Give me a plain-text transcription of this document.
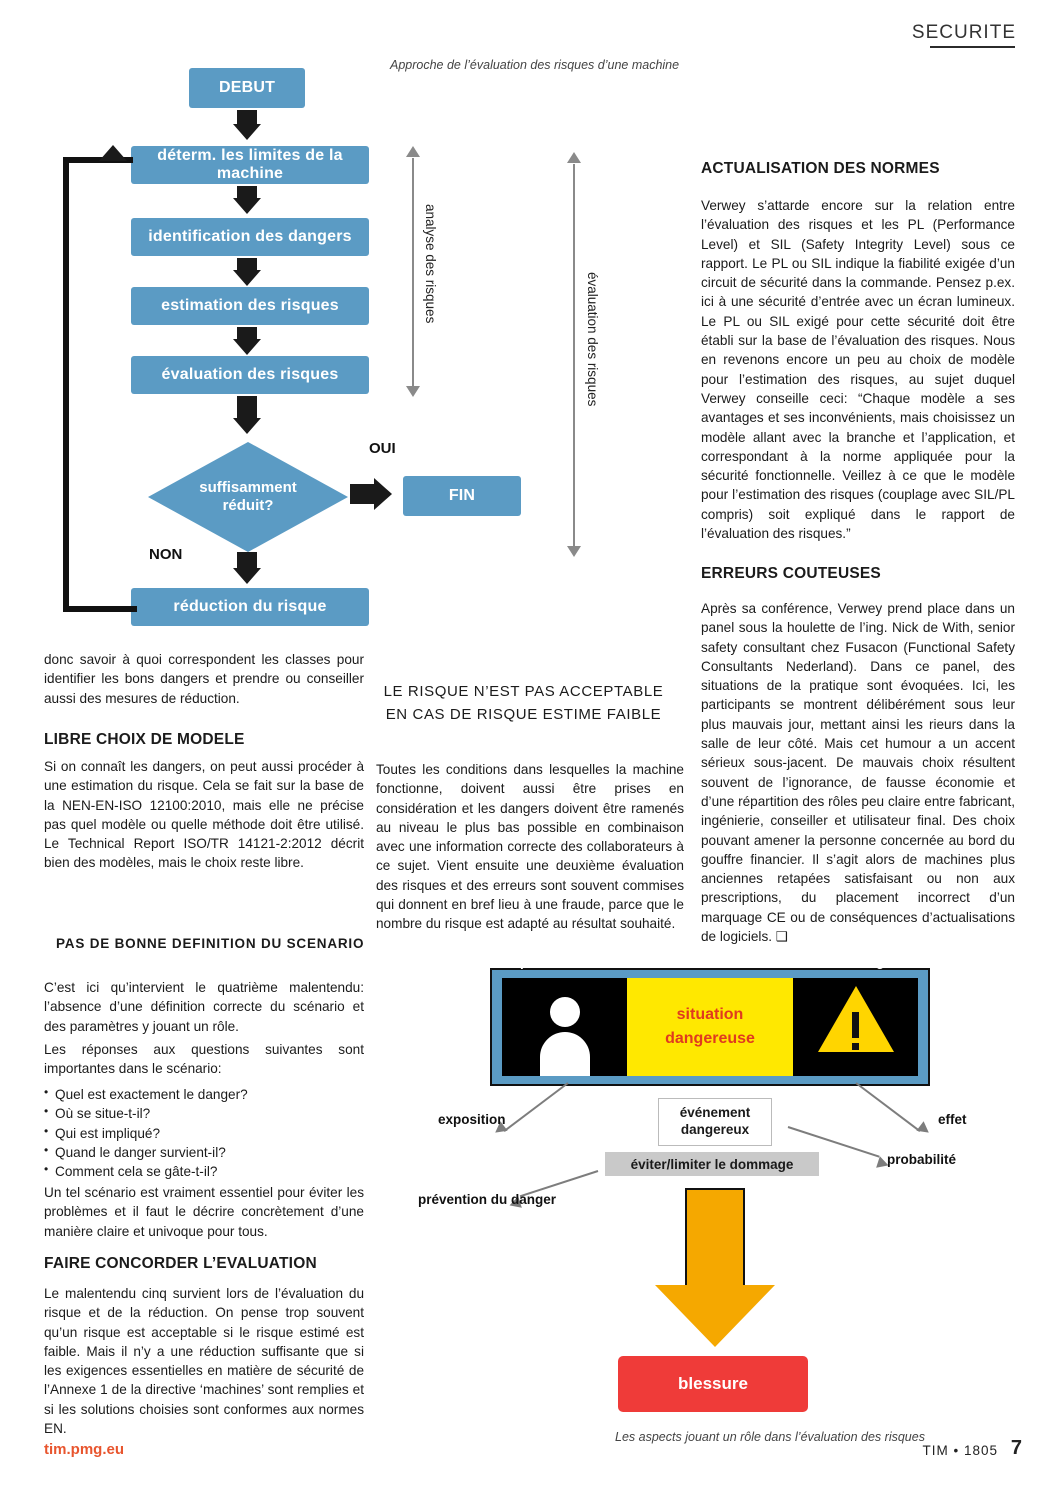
SECURITE
Approche de l’évaluation des risques d’une machine
DEBUT
déterm. les limites de la machine
identification des dangers
estimation des risques
évaluation des risques
suffisamment
réduit?
OUI
FIN
NON
réduction du risque
analyse des risques
évaluation des risques
donc savoir à quoi correspondent les classes pour identifier les bons dangers et prendre ou conseiller aussi des mesures de réduction.
LIBRE CHOIX DE MODELE
Si on connaît les dangers, on peut aussi procéder à une estimation du risque. Cela se fait sur la base de la NEN-EN-ISO 12100:2010, mais elle ne précise pas quel modèle ou quelle méthode doit être utilisé. Le Technical Report ISO/TR 14121-2:2012 décrit bien des modèles, mais le choix reste libre.
PAS DE BONNE DEFINITION DU SCENARIO
C’est ici qu’intervient le quatrième malentendu: l’absence d’une définition correcte du scénario et des paramètres y jouant un rôle.
Les réponses aux questions suivantes sont importantes dans le scénario:
• Quel est exactement le danger?
• Où se situe-t-il?
• Qui est impliqué?
• Quand le danger survient-il?
• Comment cela se gâte-t-il?
Un tel scénario est vraiment essentiel pour éviter les problèmes et il faut le décrire concrètement d’une manière claire et univoque pour tous.
FAIRE CONCORDER L’EVALUATION
Le malentendu cinq survient lors de l’évaluation du risque et de la réduction. On pense trop souvent qu’un risque est acceptable si le risque estimé est faible. Mais il n’y a une réduction suffisante que si les exigences essentielles en matière de sécurité de l’Annexe 1 de la directive ‘machines’ sont remplies et si les solutions choisies sont conformes aux normes EN.
LE RISQUE N’EST PAS ACCEPTABLE
EN CAS DE RISQUE ESTIME FAIBLE
Toutes les conditions dans lesquelles la machine fonctionne, doivent aussi être prises en considération et les dangers doivent être ramenés au niveau le plus bas possible en combinaison avec une information correcte des collaborateurs à ce sujet. Vient ensuite une deuxième évaluation des risques et des erreurs sont souvent commises qui donnent en bref lieu à une fraude, parce que le nombre du risque est adapté au résultat souhaité.
ACTUALISATION DES NORMES
Verwey s’attarde encore sur la relation entre l’évaluation des risques et les PL (Performance Level) et SIL (Safety Integrity Level) sous ce rapport. Le PL ou SIL indique la fiabilité exigée d’un circuit de sécurité dans la commande. Pensez p.ex. ici à une sécurité d’entrée avec un écran lumineux. Le PL ou SIL exigé pour cette sécurité doit être établi sur la base de l’évaluation des risques. Nous en revenons encore un peu au choix de modèle pour l’estimation des risques, au sujet duquel Verwey conseille ceci: “Chaque modèle a ses avantages et ses inconvénients, mais choisissez un modèle allant avec la branche et l’application, et correspondant à la norme appliquée pour la sécurité fonctionnelle. Veillez à ce que le modèle pour l’estimation des risques (couplage avec SIL/PL compris) soit expliqué dans le rapport de l’évaluation des risques.”
ERREURS COUTEUSES
Après sa conférence, Verwey prend place dans un panel sous la houlette de l’ing. Nick de With, senior safety consultant chez Fusacon (Functional Safety Consultants Nederland). Dans ce panel, des situations de la pratique sont évoquées. Ici, les participants se montrent délibérément sous leur plus mauvais jour, mettant ainsi les rieurs dans la salle de leur côté. Mais cet humour a un accent sérieux sous-jacent. De mauvais choix résultent souvent de l’ignorance, de fausse économie et d’une répartition des rôles peu claire entre fabricant, ingénierie, conseiller et utilisateur final. Des choix pouvant amener la personne concernée au bord du gouffre financier. Il s’agit alors de machines plus anciennes retapées satisfaisant ou non aux prescriptions, du placement incorrect d’un marquage CE ou de conséquences d’actualisations de logiciels. ❑
présence
situation
dangereuse
zone de danger
exposition	effet
événement
dangereux
probabilité
éviter/limiter le dommage
prévention du danger
blessure
Les aspects jouant un rôle dans l’évaluation des risques
tim.pmg.eu	TIM • 1805 7
